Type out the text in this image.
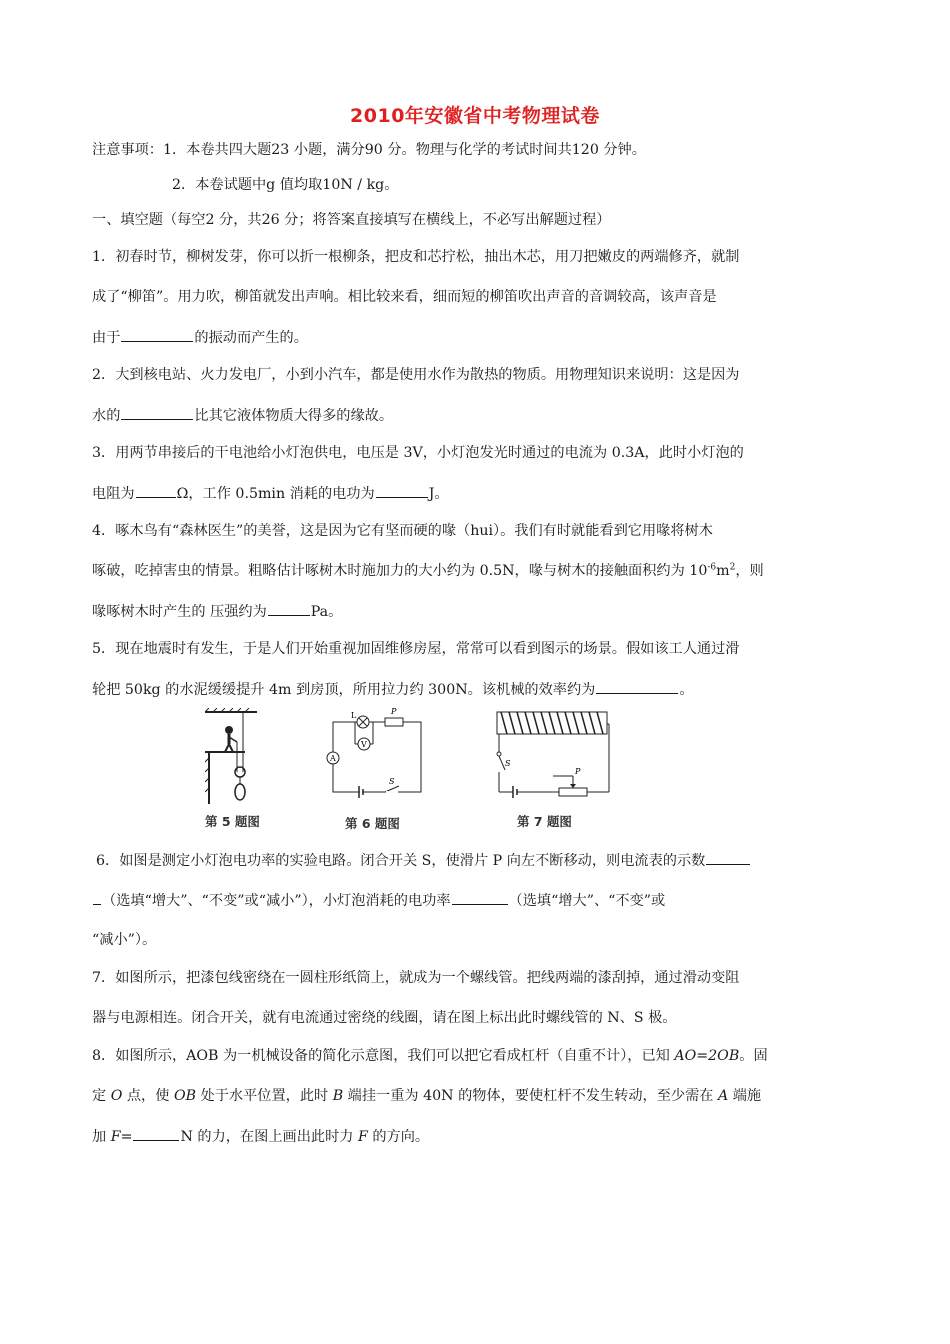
2010年安徽省中考物理试卷
注意事项：1．本卷共四大题23 小题，满分90 分。物理与化学的考试时间共120 分钟。
2．本卷试题中g 值均取10N / kg。
一、填空题（每空2 分，共26 分；将答案直接填写在横线上，不必写出解题过程）
1．初春时节，柳树发芽，你可以折一根柳条，把皮和芯拧松，抽出木芯，用刀把嫩皮的两端修齐，就制
成了“柳笛”。用力吹，柳笛就发出声响。相比较来看，细而短的柳笛吹出声音的音调较高，该声音是
由于	的振动而产生的。
2．大到核电站、火力发电厂，小到小汽车，都是使用水作为散热的物质。用物理知识来说明：这是因为
水的	比其它液体物质大得多的缘故。
3．用两节串接后的干电池给小灯泡供电，电压是 3V，小灯泡发光时通过的电流为 0.3A，此时小灯泡的
电阻为	Ω，工作 0.5min 消耗的电功为	J。
4．啄木鸟有“森林医生”的美誉，这是因为它有坚而硬的喙（hui）。我们有时就能看到它用喙将树木
啄破，吃掉害虫的情景。粗略估计啄树木时施加力的大小约为 0.5N，喙与树木的接触面积约为 $10^{-6}m^2$，则
喙啄树木时产生的 压强约为	Pa。
5．现在地震时有发生，于是人们开始重视加固维修房屋，常常可以看到图示的场景。假如该工人通过滑
轮把 50kg 的水泥缓缓提升 4m 到房顶，所用拉力约 300N。该机械的效率约为	。
第 5 题图
L	P
V
A
S
第 6 题图
S
P
第 7 题图
6．如图是测定小灯泡电功率的实验电路。闭合开关 S，使滑片 P 向左不断移动，则电流表的示数
（选填“增大”、“不变”或“减小”），小灯泡消耗的电功率	（选填“增大”、“不变”或
“减小”）。
7．如图所示，把漆包线密绕在一圆柱形纸筒上，就成为一个螺线管。把线两端的漆刮掉，通过滑动变阻
器与电源相连。闭合开关，就有电流通过密绕的线圈，请在图上标出此时螺线管的 N、S 极。
8．如图所示，AOB 为一机械设备的简化示意图，我们可以把它看成杠杆（自重不计），已知 AO=2OB。固
定 O 点，使 OB 处于水平位置，此时 B 端挂一重为 40N 的物体，要使杠杆不发生转动，至少需在 A 端施
加 F=	N 的力，在图上画出此时力 F 的方向。
